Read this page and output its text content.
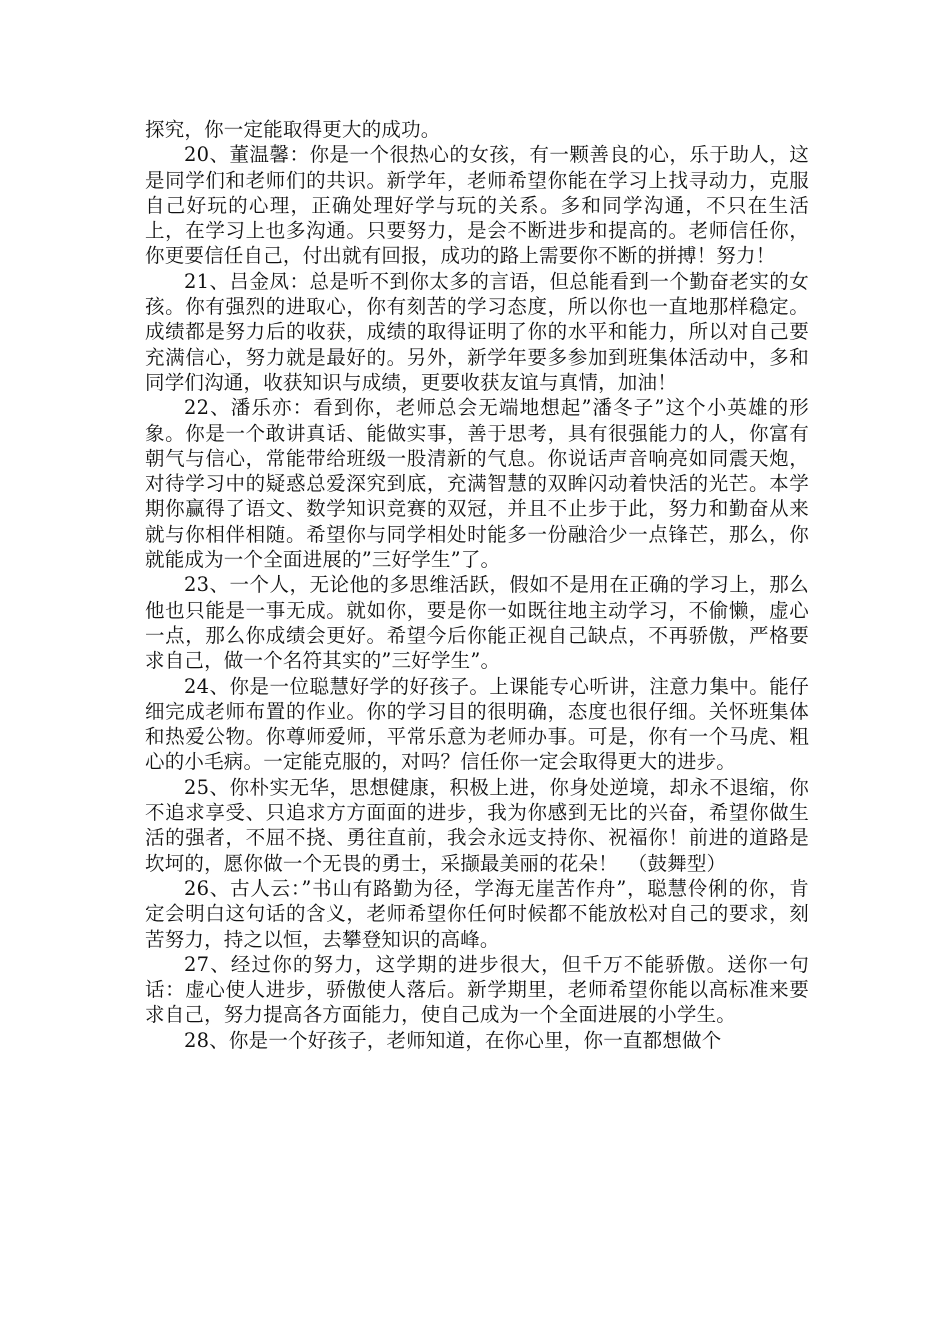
探究，你一定能取得更大的成功。

20、董温馨：你是一个很热心的女孩，有一颗善良的心，乐于助人，这是同学们和老师们的共识。新学年，老师希望你能在学习上找寻动力，克服自己好玩的心理，正确处理好学与玩的关系。多和同学沟通，不只在生活上，在学习上也多沟通。只要努力，是会不断进步和提高的。老师信任你，你更要信任自己，付出就有回报，成功的路上需要你不断的拼搏！努力！

21、吕金凤：总是听不到你太多的言语，但总能看到一个勤奋老实的女孩。你有强烈的进取心，你有刻苦的学习态度，所以你也一直地那样稳定。成绩都是努力后的收获，成绩的取得证明了你的水平和能力，所以对自己要充满信心，努力就是最好的。另外，新学年要多参加到班集体活动中，多和同学们沟通，收获知识与成绩，更要收获友谊与真情，加油！

22、潘乐亦：看到你，老师总会无端地想起”潘冬子”这个小英雄的形象。你是一个敢讲真话、能做实事，善于思考，具有很强能力的人，你富有朝气与信心，常能带给班级一股清新的气息。你说话声音响亮如同震天炮，对待学习中的疑惑总爱深究到底，充满智慧的双眸闪动着快活的光芒。本学期你赢得了语文、数学知识竞赛的双冠，并且不止步于此，努力和勤奋从来就与你相伴相随。希望你与同学相处时能多一份融洽少一点锋芒，那么，你就能成为一个全面进展的”三好学生”了。

23、一个人，无论他的多思维活跃，假如不是用在正确的学习上，那么他也只能是一事无成。就如你，要是你一如既往地主动学习，不偷懒，虚心一点，那么你成绩会更好。希望今后你能正视自己缺点，不再骄傲，严格要求自己，做一个名符其实的”三好学生”。

24、你是一位聪慧好学的好孩子。上课能专心听讲，注意力集中。能仔细完成老师布置的作业。你的学习目的很明确，态度也很仔细。关怀班集体和热爱公物。你尊师爱师，平常乐意为老师办事。可是，你有一个马虎、粗心的小毛病。一定能克服的，对吗？信任你一定会取得更大的进步。

25、你朴实无华，思想健康，积极上进，你身处逆境，却永不退缩，你不追求享受、只追求方方面面的进步，我为你感到无比的兴奋，希望你做生活的强者，不屈不挠、勇往直前，我会永远支持你、祝福你！前进的道路是坎坷的，愿你做一个无畏的勇士，采撷最美丽的花朵！　（鼓舞型）

26、古人云：”书山有路勤为径，学海无崖苦作舟”，聪慧伶俐的你，肯定会明白这句话的含义，老师希望你任何时候都不能放松对自己的要求，刻苦努力，持之以恒，去攀登知识的高峰。

27、经过你的努力，这学期的进步很大，但千万不能骄傲。送你一句话：虚心使人进步，骄傲使人落后。新学期里，老师希望你能以高标准来要求自己，努力提高各方面能力，使自己成为一个全面进展的小学生。

28、你是一个好孩子，老师知道，在你心里，你一直都想做个
